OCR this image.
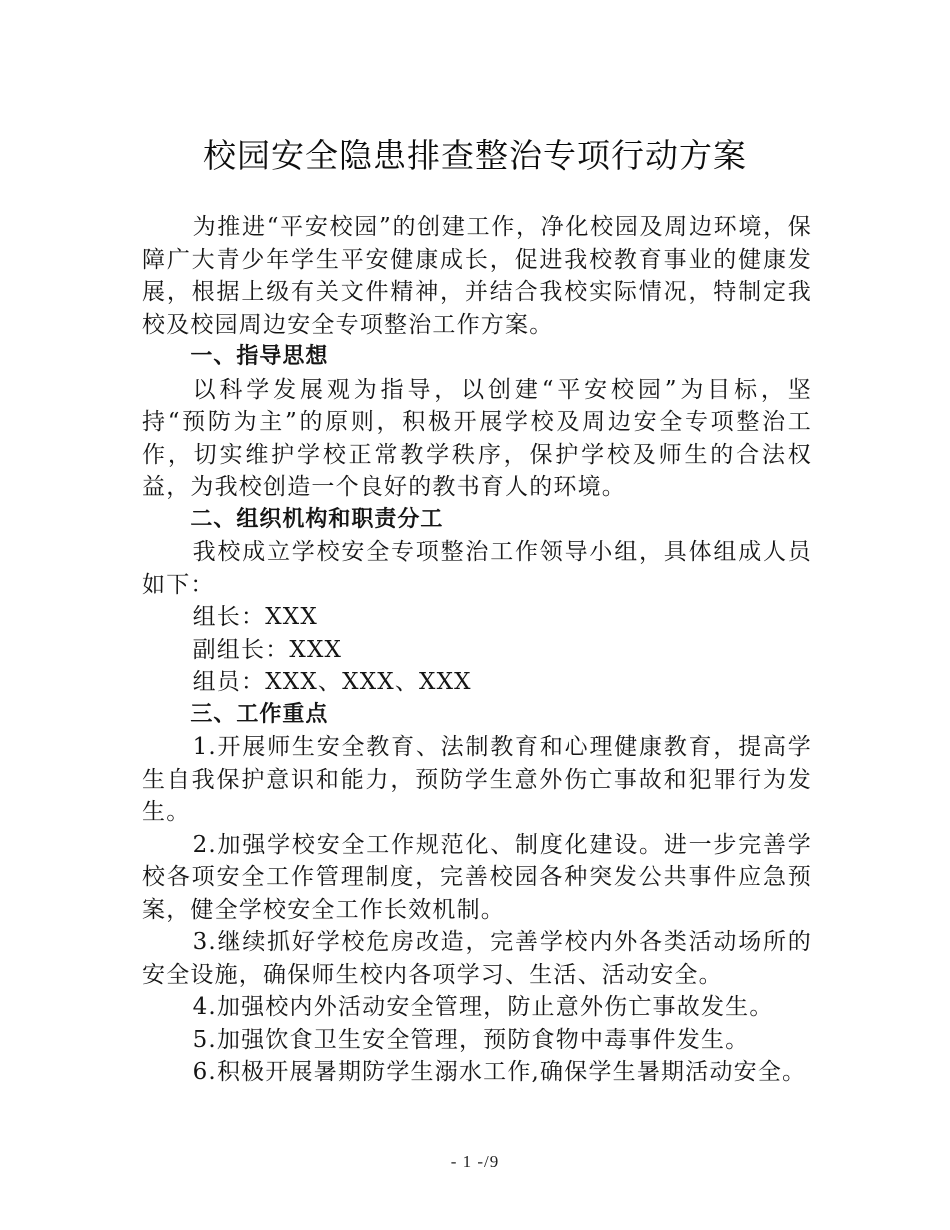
校园安全隐患排查整治专项行动方案

为推进“平安校园”的创建工作，净化校园及周边环境，保障广大青少年学生平安健康成长，促进我校教育事业的健康发展，根据上级有关文件精神，并结合我校实际情况，特制定我校及校园周边安全专项整治工作方案。

一、指导思想

以科学发展观为指导，以创建“平安校园”为目标，坚持“预防为主”的原则，积极开展学校及周边安全专项整治工作，切实维护学校正常教学秩序，保护学校及师生的合法权益，为我校创造一个良好的教书育人的环境。

二、组织机构和职责分工

我校成立学校安全专项整治工作领导小组，具体组成人员如下：

组长：XXX

副组长：XXX

组员：XXX、XXX、XXX

三、工作重点

1.开展师生安全教育、法制教育和心理健康教育，提高学生自我保护意识和能力，预防学生意外伤亡事故和犯罪行为发生。

2.加强学校安全工作规范化、制度化建设。进一步完善学校各项安全工作管理制度，完善校园各种突发公共事件应急预案，健全学校安全工作长效机制。

3.继续抓好学校危房改造，完善学校内外各类活动场所的安全设施，确保师生校内各项学习、生活、活动安全。

4.加强校内外活动安全管理，防止意外伤亡事故发生。

5.加强饮食卫生安全管理，预防食物中毒事件发生。

6.积极开展暑期防学生溺水工作,确保学生暑期活动安全。

- 1 -/9
